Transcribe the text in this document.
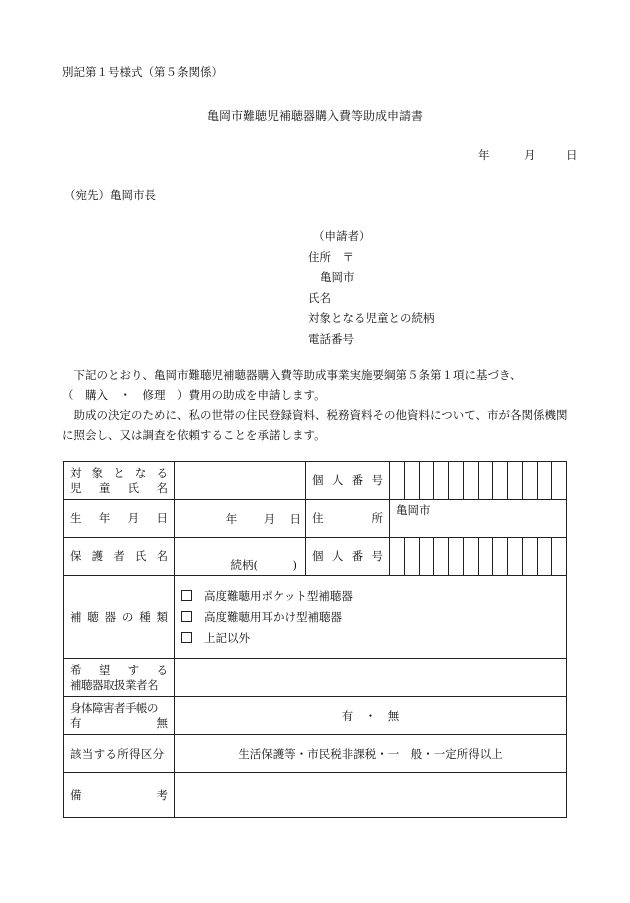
別記第１号様式（第５条関係）
亀岡市難聴児補聴器購入費等助成申請書
年	月	日
（宛先）亀岡市長
（申請者）
住所　〒
亀岡市
氏名
対象となる児童との続柄
電話番号

下記のとおり、亀岡市難聴児補聴器購入費等助成事業実施要綱第５条第１項に基づき、

（　購入　・　修理　）費用の助成を申請します。

助成の決定のために、私の世帯の住民登録資料、税務資料その他資料について、市が各関係機関に照会し、又は調査を依頼することを承諾します。

対象となる
児童氏名		個人番号												
生年月日	年 月 日	住所	亀岡市											
保護者氏名	続柄(　　　)	個人番号												
補聴器の種類	高度難聴用ポケット型補聴器
高度難聴用耳かけ型補聴器
上記以外													

希望する
補聴器取扱業者名														

身体障害者手帳の
有無	有　・　無													
該当する所得区分	生活保護等・市民税非課税・一　般・一定所得以上													
備考														
